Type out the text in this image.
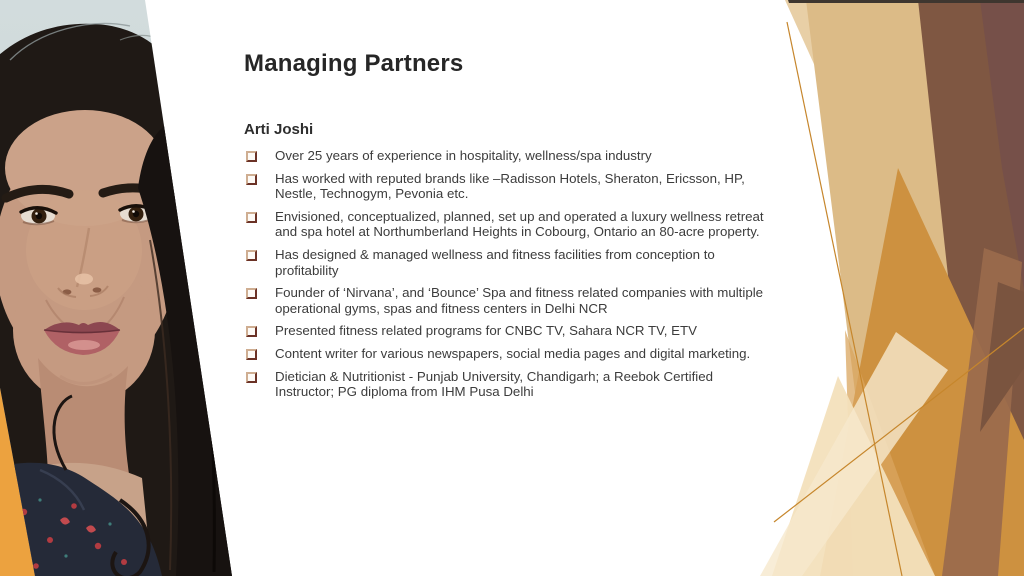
Managing Partners
Arti Joshi
Over 25 years of experience in hospitality, wellness/spa industry
Has worked with reputed brands like –Radisson Hotels, Sheraton, Ericsson, HP, Nestle, Technogym, Pevonia etc.
Envisioned, conceptualized, planned, set up and operated a luxury wellness retreat and spa hotel at Northumberland Heights in Cobourg, Ontario an 80-acre property.
Has designed & managed wellness and fitness facilities from conception to profitability
Founder of ‘Nirvana’, and ‘Bounce’ Spa and fitness related companies with multiple operational gyms, spas and fitness centers in Delhi NCR
Presented fitness related programs for CNBC TV, Sahara NCR TV, ETV
Content writer for various newspapers, social media pages and digital marketing.
Dietician & Nutritionist - Punjab University, Chandigarh; a Reebok Certified Instructor; PG diploma from IHM Pusa Delhi
